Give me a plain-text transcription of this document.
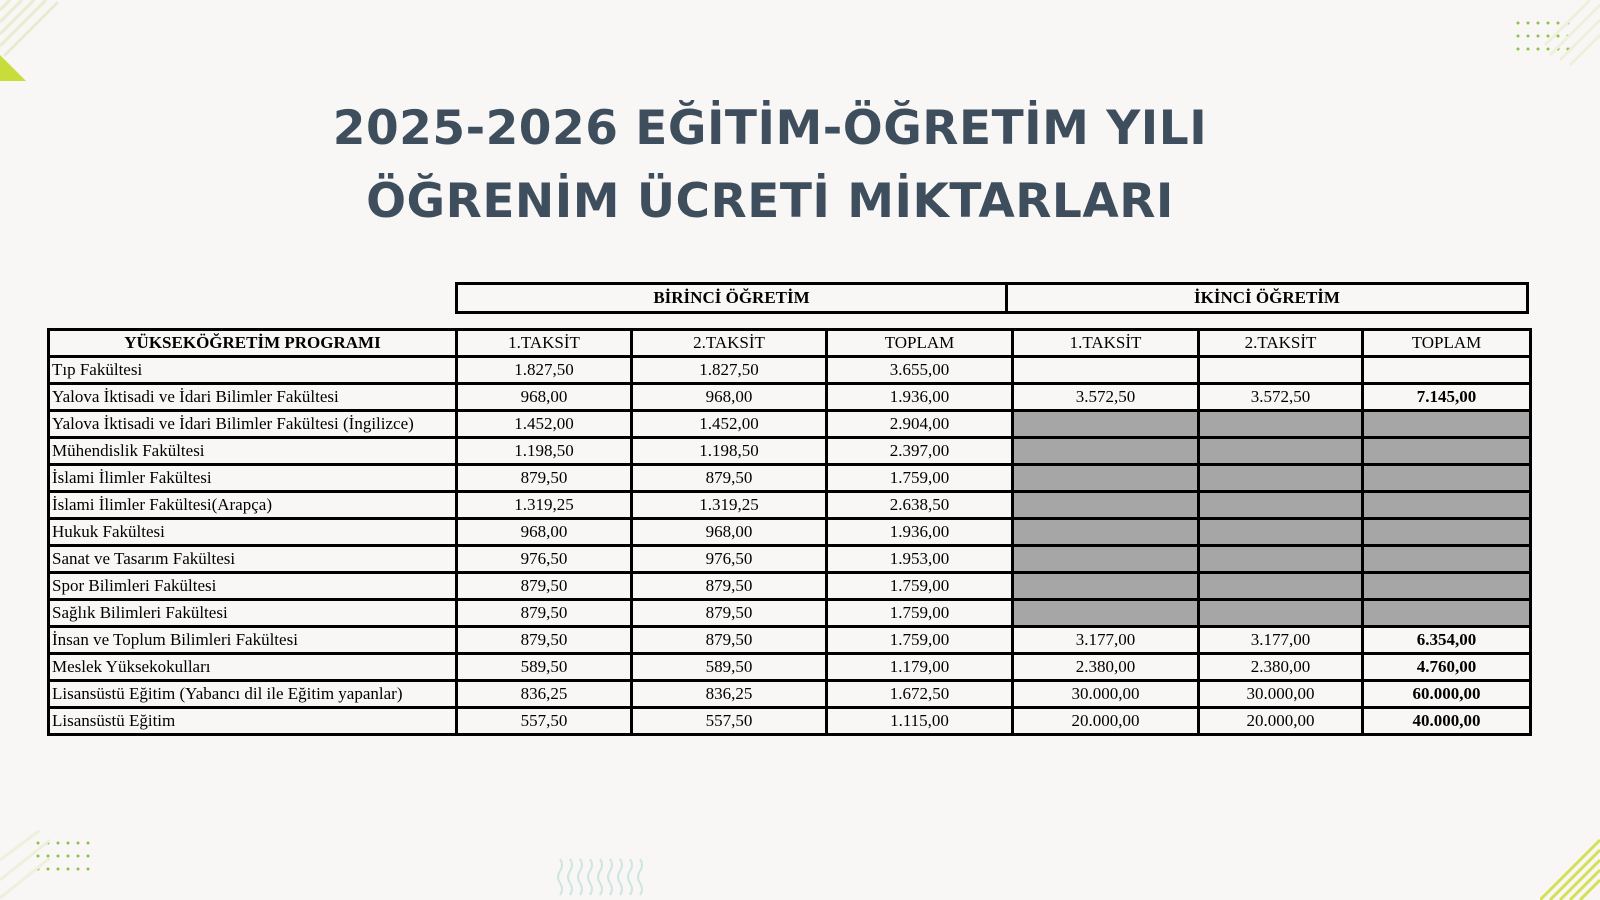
2025-2026 EĞİTİM-ÖĞRETİM YILI
ÖĞRENİM ÜCRETİ MİKTARLARI
BİRİNCİ ÖĞRETİM	İKİNCİ ÖĞRETİM
YÜKSEKÖĞRETİM PROGRAMI	1.TAKSİT	2.TAKSİT	TOPLAM	1.TAKSİT	2.TAKSİT	TOPLAM
Tıp Fakültesi	1.827,50	1.827,50	3.655,00			
Yalova İktisadi ve İdari Bilimler Fakültesi	968,00	968,00	1.936,00	3.572,50	3.572,50	7.145,00
Yalova İktisadi ve İdari Bilimler Fakültesi (İngilizce)	1.452,00	1.452,00	2.904,00			
Mühendislik Fakültesi	1.198,50	1.198,50	2.397,00			
İslami İlimler Fakültesi	879,50	879,50	1.759,00			
İslami İlimler Fakültesi(Arapça)	1.319,25	1.319,25	2.638,50			
Hukuk Fakültesi	968,00	968,00	1.936,00			
Sanat ve Tasarım Fakültesi	976,50	976,50	1.953,00			
Spor Bilimleri Fakültesi	879,50	879,50	1.759,00			
Sağlık Bilimleri Fakültesi	879,50	879,50	1.759,00			
İnsan ve Toplum Bilimleri Fakültesi	879,50	879,50	1.759,00	3.177,00	3.177,00	6.354,00
Meslek Yüksekokulları	589,50	589,50	1.179,00	2.380,00	2.380,00	4.760,00
Lisansüstü Eğitim (Yabancı dil ile Eğitim yapanlar)	836,25	836,25	1.672,50	30.000,00	30.000,00	60.000,00
Lisansüstü Eğitim	557,50	557,50	1.115,00	20.000,00	20.000,00	40.000,00
